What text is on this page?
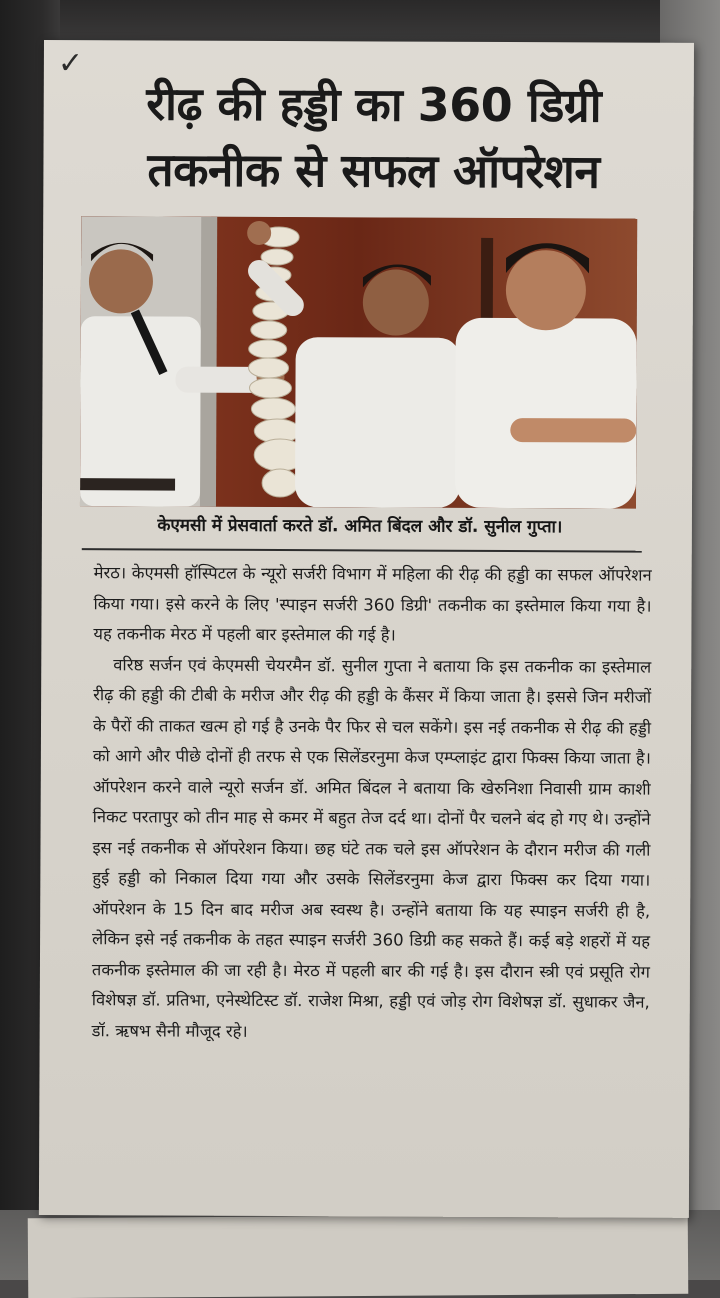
✓
रीढ़ की हड्डी का 360 डिग्री
तकनीक से सफल ऑपरेशन
केएमसी में प्रेसवार्ता करते डॉ. अमित बिंदल और डॉ. सुनील गुप्ता।

मेरठ। केएमसी हॉस्पिटल के न्यूरो सर्जरी विभाग में महिला की रीढ़ की हड्डी का सफल ऑपरेशन किया गया। इसे करने के लिए 'स्पाइन सर्जरी 360 डिग्री' तकनीक का इस्तेमाल किया गया है। यह तकनीक मेरठ में पहली बार इस्तेमाल की गई है।

वरिष्ठ सर्जन एवं केएमसी चेयरमैन डॉ. सुनील गुप्ता ने बताया कि इस तकनीक का इस्तेमाल रीढ़ की हड्डी की टीबी के मरीज और रीढ़ की हड्डी के कैंसर में किया जाता है। इससे जिन मरीजों के पैरों की ताकत खत्म हो गई है उनके पैर फिर से चल सकेंगे। इस नई तकनीक से रीढ़ की हड्डी को आगे और पीछे दोनों ही तरफ से एक सिलेंडरनुमा केज एम्प्लाइंट द्वारा फिक्स किया जाता है। ऑपरेशन करने वाले न्यूरो सर्जन डॉ. अमित बिंदल ने बताया कि खेरुनिशा निवासी ग्राम काशी निकट परतापुर को तीन माह से कमर में बहुत तेज दर्द था। दोनों पैर चलने बंद हो गए थे। उन्होंने इस नई तकनीक से ऑपरेशन किया। छह घंटे तक चले इस ऑपरेशन के दौरान मरीज की गली हुई हड्डी को निकाल दिया गया और उसके सिलेंडरनुमा केज द्वारा फिक्स कर दिया गया। ऑपरेशन के 15 दिन बाद मरीज अब स्वस्थ है। उन्होंने बताया कि यह स्पाइन सर्जरी ही है, लेकिन इसे नई तकनीक के तहत स्पाइन सर्जरी 360 डिग्री कह सकते हैं। कई बड़े शहरों में यह तकनीक इस्तेमाल की जा रही है। मेरठ में पहली बार की गई है। इस दौरान स्त्री एवं प्रसूति रोग विशेषज्ञ डॉ. प्रतिभा, एनेस्थेटिस्ट डॉ. राजेश मिश्रा, हड्डी एवं जोड़ रोग विशेषज्ञ डॉ. सुधाकर जैन, डॉ. ऋषभ सैनी मौजूद रहे।
